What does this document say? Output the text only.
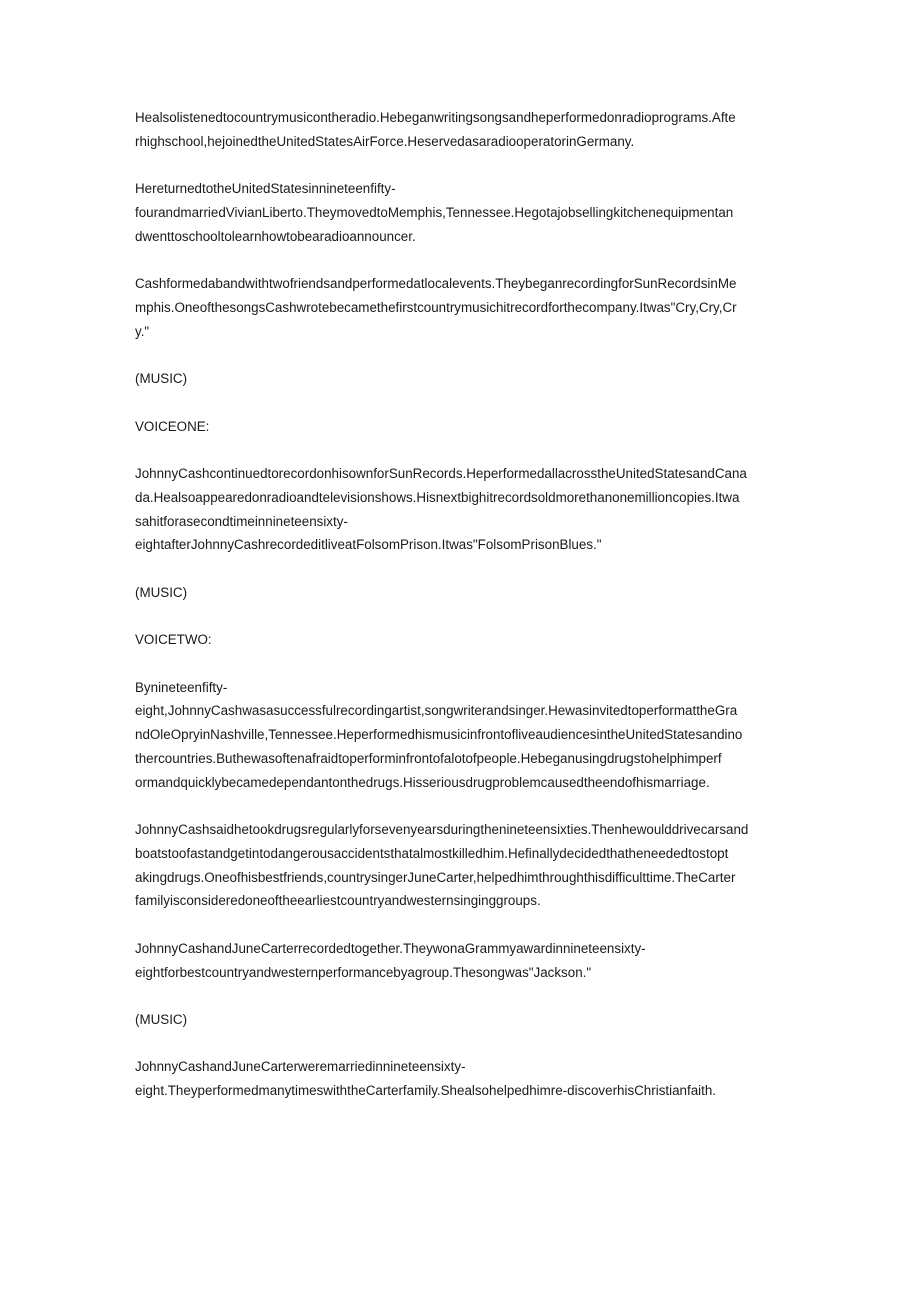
Healsolistenedtocountrymusicontheradio.Hebeganwritingsongsandheperformedonradioprograms.Afte
rhighschool,hejoinedtheUnitedStatesAirForce.HeservedasaradiooperatorinGermany.

HereturnedtotheUnitedStatesinnineteenfifty-
fourandmarriedVivianLiberto.TheymovedtoMemphis,Tennessee.Hegotajobsellingkitchenequipmentan
dwenttoschooltolearnhowtobearadioannouncer.

Cashformedabandwithtwofriendsandperformedatlocalevents.TheybeganrecordingforSunRecordsinMe
mphis.OneofthesongsCashwrotebecamethefirstcountrymusichitrecordforthecompany.Itwas"Cry,Cry,Cr
y."

(MUSIC)

VOICEONE:

JohnnyCashcontinuedtorecordonhisownforSunRecords.HeperformedallacrosstheUnitedStatesandCana
da.Healsoappearedonradioandtelevisionshows.Hisnextbighitrecordsoldmorethanonemillioncopies.Itwa
sahitforasecondtimeinnineteensixty-
eightafterJohnnyCashrecordeditliveatFolsomPrison.Itwas"FolsomPrisonBlues."

(MUSIC)

VOICETWO:

Bynineteenfifty-
eight,JohnnyCashwasasuccessfulrecordingartist,songwriterandsinger.HewasinvitedtoperformattheGra
ndOleOpryinNashville,Tennessee.HeperformedhismusicinfrontofliveaudiencesintheUnitedStatesandino
thercountries.Buthewasoftenafraidtoperforminfrontofalotofpeople.Hebeganusingdrugstohelphimperf
ormandquicklybecamedependantonthedrugs.Hisseriousdrugproblemcausedtheendofhismarriage.

JohnnyCashsaidhetookdrugsregularlyforsevenyearsduringthenineteensixties.Thenhewoulddrivecarsand
boatstoofastandgetintodangerousaccidentsthatalmostkilledhim.Hefinallydecidedthatheneededtostopt
akingdrugs.Oneofhisbestfriends,countrysingerJuneCarter,helpedhimthroughthisdifficulttime.TheCarter
familyisconsideredoneoftheearliestcountryandwesternsinginggroups.

JohnnyCashandJuneCarterrecordedtogether.TheywonaGrammyawardinnineteensixty-
eightforbestcountryandwesternperformancebyagroup.Thesongwas"Jackson."

(MUSIC)

JohnnyCashandJuneCarterweremarriedinnineteensixty-
eight.TheyperformedmanytimeswiththeCarterfamily.Shealsohelpedhimre-discoverhisChristianfaith.
